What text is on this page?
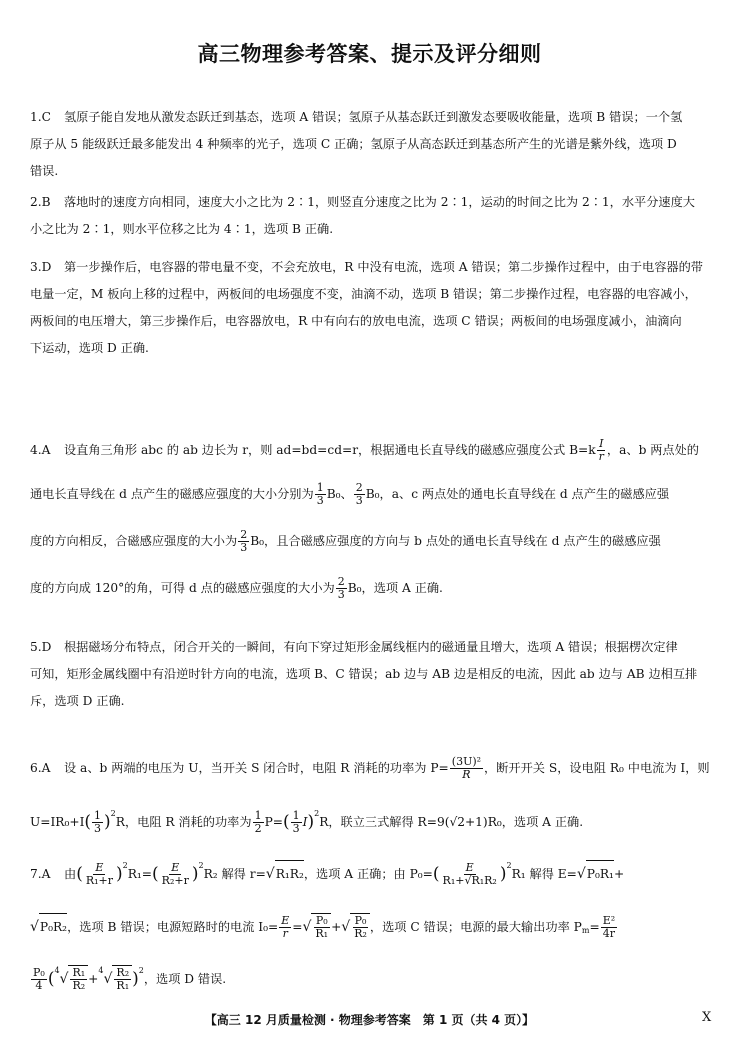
高三物理参考答案、提示及评分细则

1.C 氢原子能自发地从激发态跃迁到基态，选项 A 错误；氢原子从基态跃迁到激发态要吸收能量，选项 B 错误；一个氢

原子从 5 能级跃迁最多能发出 4 种频率的光子，选项 C 正确；氢原子从高态跃迁到基态所产生的光谱是紫外线，选项 D

错误.

2.B 落地时的速度方向相同，速度大小之比为 2∶1，则竖直分速度之比为 2∶1，运动的时间之比为 2∶1，水平分速度大

小之比为 2∶1，则水平位移之比为 4∶1，选项 B 正确.

3.D 第一步操作后，电容器的带电量不变，不会充放电，R 中没有电流，选项 A 错误；第二步操作过程中，由于电容器的带

电量一定，M 板向上移的过程中，两板间的电场强度不变，油滴不动，选项 B 错误；第二步操作过程，电容器的电容减小，

两板间的电压增大，第三步操作后，电容器放电，R 中有向右的放电电流，选项 C 错误；两板间的电场强度减小，油滴向

下运动，选项 D 正确.

4.A	设直角三角形 abc 的 ab 边长为 r，则 ad=bd=cd=r，根据通电长直导线的磁感应强度公式 $B=k \frac{I}{r}$ ，a、b 两点处的
通电长直导线在 d 点产生的磁感应强度的大小分别为 $\frac{1}{3} B_0$、 $\frac{2}{3} B_0$，a、c 两点处的通电长直导线在 d 点产生的磁感应强
度的方向相反，合磁感应强度的大小为 $\frac{2}{3} B_0$，且合磁感应强度的方向与 b 点处的通电长直导线在 d 点产生的磁感应强
度的方向成 120°的角，可得 d 点的磁感应强度的大小为 $\frac{2}{3} B_0$，选项 A 正确.

5.D 根据磁场分布特点，闭合开关的一瞬间，有向下穿过矩形金属线框内的磁通量且增大，选项 A 错误；根据楞次定律

可知，矩形金属线圈中有沿逆时针方向的电流，选项 B、C 错误；ab 边与 AB 边是相反的电流，因此 ab 边与 AB 边相互排

斥，选项 D 正确.

6.A	设 a、b 两端的电压为 U，当开关 S 闭合时，电阻 R 消耗的功率为 $P= \frac{\text{(3U)²}}{R}$ ，断开开关 S，设电阻 R₀ 中电流为 I，则
U=IR₀+I ( $\frac{1}{3}$ ) 2
R，电阻 R 消耗的功率为 $\frac{1}{2} P=$ ( $\frac{1}{3}$ I ) 2
R，联立三式解得 R=9(√2+1)R₀，选项 A 正确.
7.A	由 ( $\frac{E}{\text{R₁+r}}$ ) 2
R₁= ( $\frac{E}{\text{R₂+r}}$ ) 2
R₂ 解得 r= √ R₁R₂ ，选项 A 正确；由 P₀= ( $\frac{E}{\text{R₁+√R₁R₂}}$ ) 2
R₁ 解得 E= √ P₀R₁ +
√ P₀R₂ ，选项 B 错误；电源短路时的电流 $I_0= \frac{E}{r}$ = √ $\frac{\text{P₀}}{\text{R₁}}$ + √ $\frac{\text{P₀}}{\text{R₂}}$ ，选项 C 错误；电源的最大输出功率 P $m = \frac{\text{E²}}{4r}$
$\frac{\text{P₀}}{4}$ ( 4
√ $\frac{\text{R₁}}{\text{R₂}}$ +
4
√ $\frac{\text{R₂}}{\text{R₁}}$ ) 2
，选项 D 错误.
【高三 12 月质量检测 · 物理参考答案　第 1 页（共 4 页）】	X
